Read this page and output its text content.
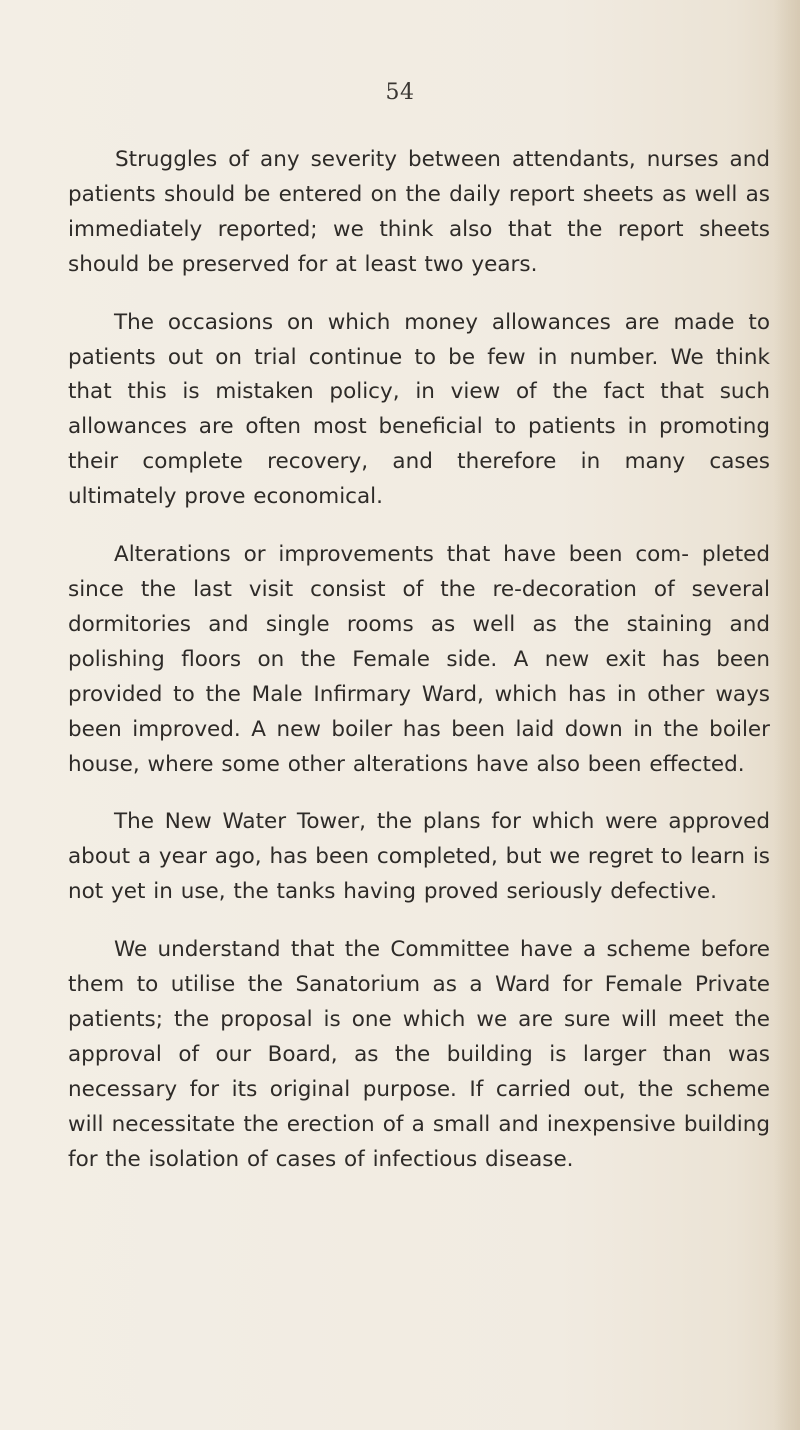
54

Struggles of any severity between attendants, nurses and patients should be entered on the daily report sheets as well as immediately reported; we think also that the report sheets should be preserved for at least two years.

The occasions on which money allowances are made to patients out on trial continue to be few in number. We think that this is mistaken policy, in view of the fact that such allowances are often most beneficial to patients in promoting their complete recovery, and therefore in many cases ultimately prove economical.

Alterations or improvements that have been com- pleted since the last visit consist of the re-decoration of several dormitories and single rooms as well as the staining and polishing floors on the Female side. A new exit has been provided to the Male Infirmary Ward, which has in other ways been improved. A new boiler has been laid down in the boiler house, where some other alterations have also been effected.

The New Water Tower, the plans for which were approved about a year ago, has been completed, but we regret to learn is not yet in use, the tanks having proved seriously defective.

We understand that the Committee have a scheme before them to utilise the Sanatorium as a Ward for Female Private patients; the proposal is one which we are sure will meet the approval of our Board, as the building is larger than was necessary for its original purpose. If carried out, the scheme will necessitate the erection of a small and inexpensive building for the isolation of cases of infectious disease.
